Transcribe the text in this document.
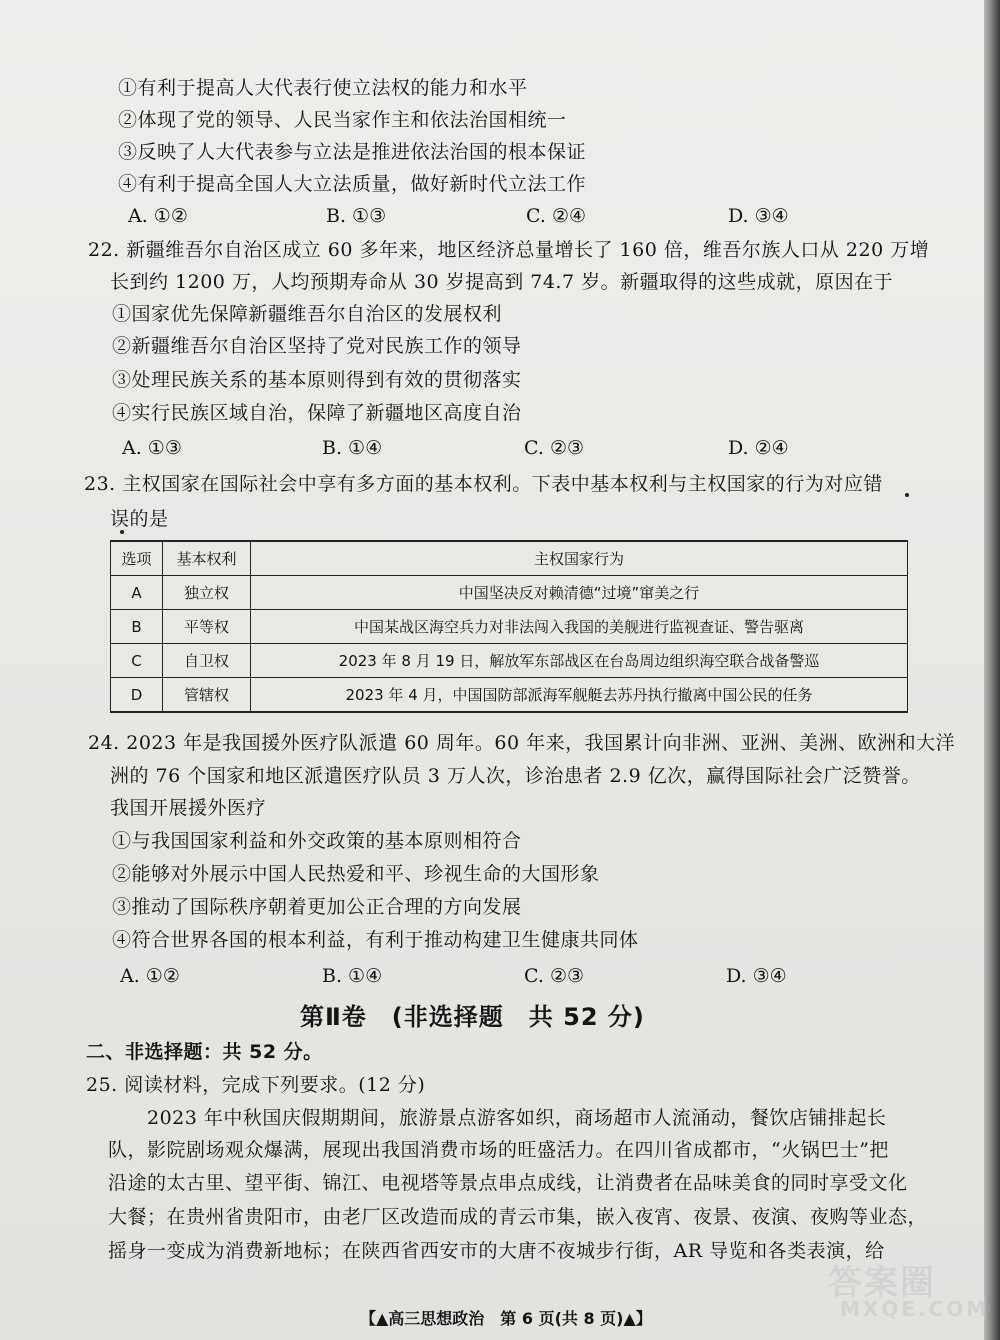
①有利于提高人大代表行使立法权的能力和水平
②体现了党的领导、人民当家作主和依法治国相统一
③反映了人大代表参与立法是推进依法治国的根本保证
④有利于提高全国人大立法质量，做好新时代立法工作
A. ①②	B. ①③	C. ②④	D. ③④
22. 新疆维吾尔自治区成立 60 多年来，地区经济总量增长了 160 倍，维吾尔族人口从 220 万增
长到约 1200 万，人均预期寿命从 30 岁提高到 74.7 岁。新疆取得的这些成就，原因在于
①国家优先保障新疆维吾尔自治区的发展权利
②新疆维吾尔自治区坚持了党对民族工作的领导
③处理民族关系的基本原则得到有效的贯彻落实
④实行民族区域自治，保障了新疆地区高度自治
A. ①③	B. ①④	C. ②③	D. ②④
23. 主权国家在国际社会中享有多方面的基本权利。下表中基本权利与主权国家的行为对应错
误的是
选项	基本权利	主权国家行为
A	独立权	中国坚决反对赖清德“过境”窜美之行
B	平等权	中国某战区海空兵力对非法闯入我国的美舰进行监视查证、警告驱离
C	自卫权	2023 年 8 月 19 日，解放军东部战区在台岛周边组织海空联合战备警巡
D	管辖权	2023 年 4 月，中国国防部派海军舰艇去苏丹执行撤离中国公民的任务
24. 2023 年是我国援外医疗队派遣 60 周年。60 年来，我国累计向非洲、亚洲、美洲、欧洲和大洋
洲的 76 个国家和地区派遣医疗队员 3 万人次，诊治患者 2.9 亿次，赢得国际社会广泛赞誉。
我国开展援外医疗
①与我国国家利益和外交政策的基本原则相符合
②能够对外展示中国人民热爱和平、珍视生命的大国形象
③推动了国际秩序朝着更加公正合理的方向发展
④符合世界各国的根本利益，有利于推动构建卫生健康共同体
A. ①②	B. ①④	C. ②③	D. ③④
第Ⅱ卷　(非选择题　共 52 分)
二、非选择题：共 52 分。
25. 阅读材料，完成下列要求。(12 分)
　　2023 年中秋国庆假期期间，旅游景点游客如织，商场超市人流涌动，餐饮店铺排起长
队，影院剧场观众爆满，展现出我国消费市场的旺盛活力。在四川省成都市，“火锅巴士”把
沿途的太古里、望平街、锦江、电视塔等景点串点成线，让消费者在品味美食的同时享受文化
大餐；在贵州省贵阳市，由老厂区改造而成的青云市集，嵌入夜宵、夜景、夜演、夜购等业态，
摇身一变成为消费新地标；在陕西省西安市的大唐不夜城步行街，AR 导览和各类表演，给
【▲高三思想政治　第 6 页(共 8 页)▲】
答案圈
MXQE.COM
